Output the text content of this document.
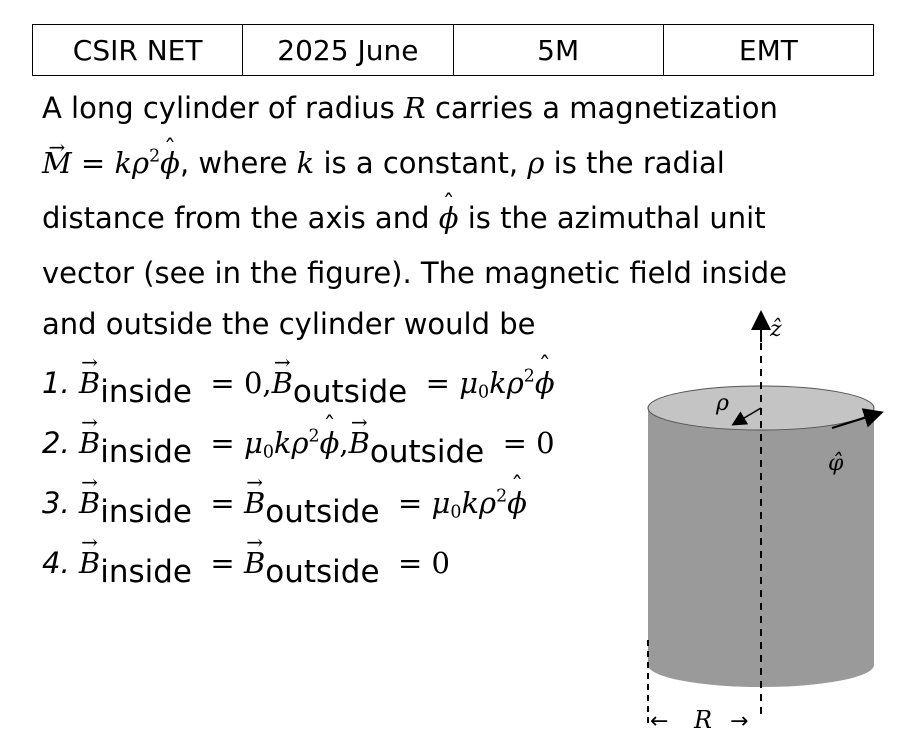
CSIR NET	2025 June	5M	EMT
A long cylinder of radius R carries a magnetization
→ $M = k\rho^2ˆ$ ϕ, where k is a constant, ρ is the radial
distance from the axis and ˆ ϕ is the azimuthal unit
vector (see in the figure). The magnetic field inside
and outside the cylinder would be
1. → Binside  = 0,→ Boutside  = $\mu 0k\rho^2ˆ$ ϕ
2. → Binside  = $\mu 0k\rho^2ˆ$ ϕ,→ Boutside  = 0
3. → Binside  = → Boutside  = $\mu 0k\rho^2ˆ$ ϕ
4. → Binside  = → Boutside  = 0
ẑ
ρ
φ̂
← R →
